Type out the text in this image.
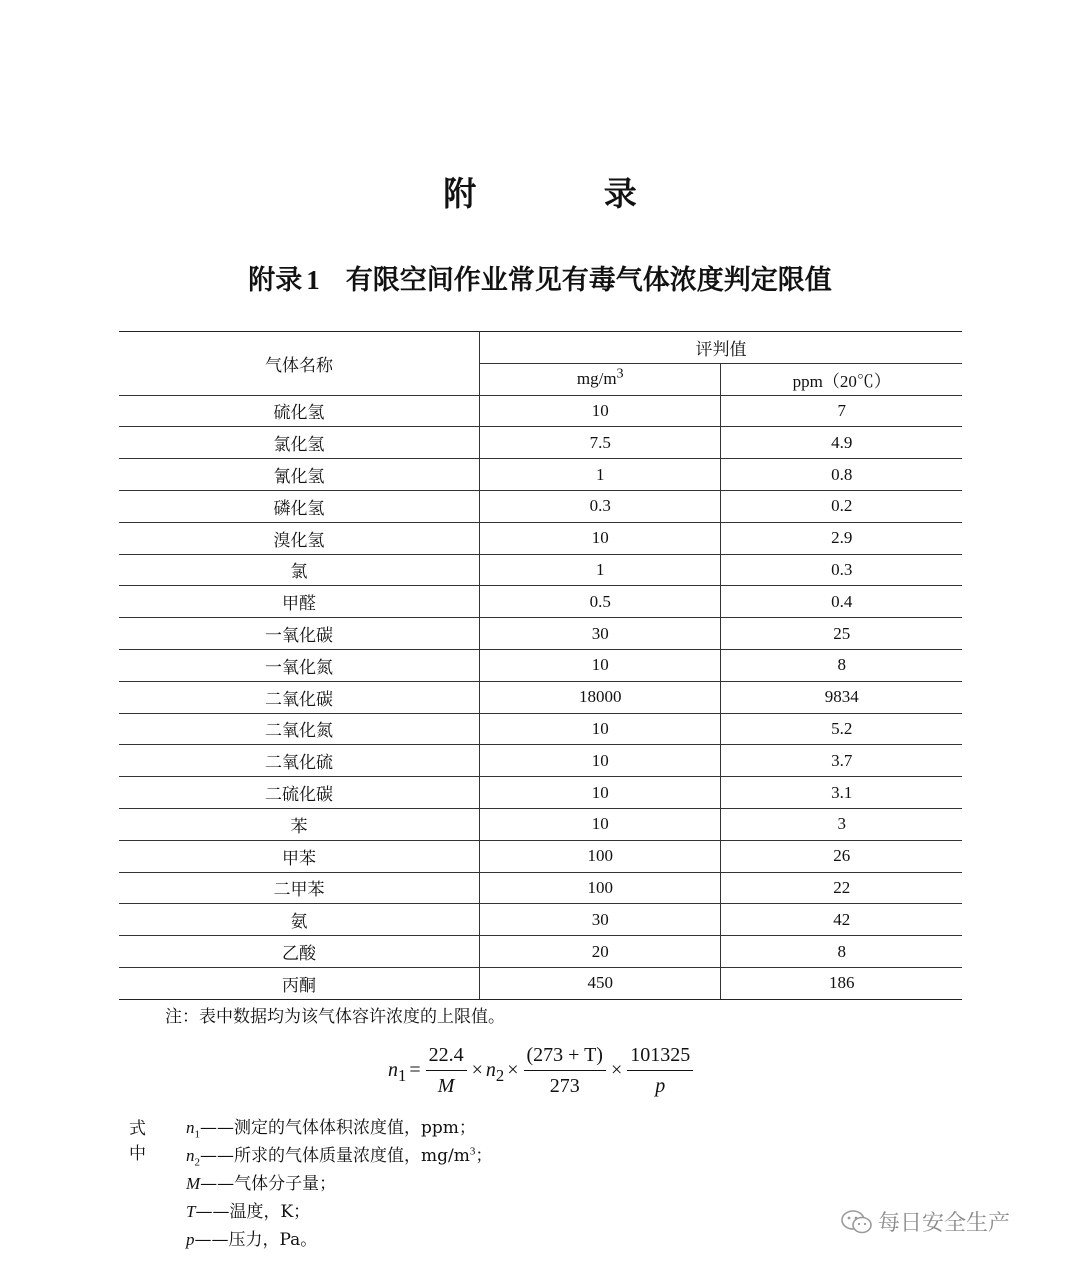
附 录
附录 1 有限空间作业常见有毒气体浓度判定限值
气体名称	评判值	
	$mg/m^3$	ppm（20℃）
硫化氢	10	7
氯化氢	7.5	4.9
氰化氢	1	0.8
磷化氢	0.3	0.2
溴化氢	10	2.9
氯	1	0.3
甲醛	0.5	0.4
一氧化碳	30	25
一氧化氮	10	8
二氧化碳	18000	9834
二氧化氮	10	5.2
二氧化硫	10	3.7
二硫化碳	10	3.1
苯	10	3
甲苯	100	26
二甲苯	100	22
氨	30	42
乙酸	20	8
丙酮	450	186
注：表中数据均为该气体容许浓度的上限值。
$n_1 = \frac{22.4}{M} \times n_2 \times \frac{(273 + T)}{273} \times \frac{101325}{p}$
式中
$n_1——$测定的气体体积浓度值，ppm；
$n_2——$所求的气体质量浓度值，$mg/m^3$；
M——气体分子量；
T——温度，K；
p——压力，Pa。
每日安全生产
